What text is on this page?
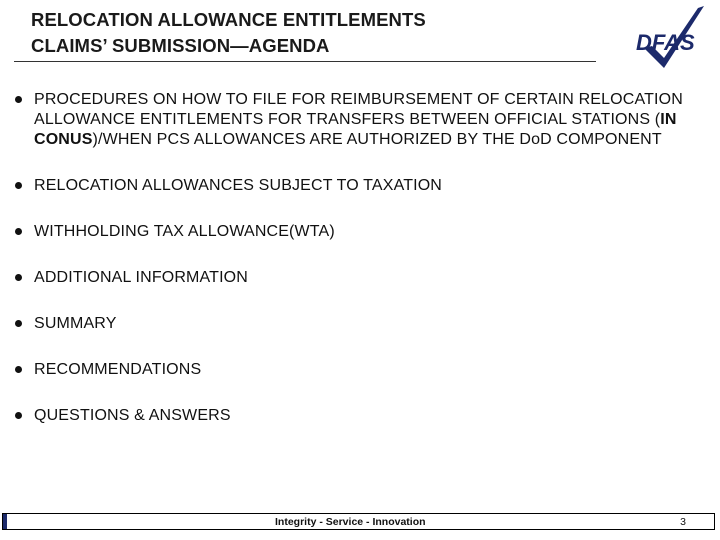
RELOCATION ALLOWANCE ENTITLEMENTS
CLAIMS’ SUBMISSION—AGENDA	DFAS
PROCEDURES ON HOW TO FILE FOR REIMBURSEMENT OF CERTAIN RELOCATION ALLOWANCE ENTITLEMENTS FOR TRANSFERS BETWEEN OFFICIAL STATIONS (IN CONUS)/WHEN PCS ALLOWANCES ARE AUTHORIZED BY THE DoD COMPONENT
RELOCATION ALLOWANCES SUBJECT TO TAXATION
WITHHOLDING TAX ALLOWANCE(WTA)
ADDITIONAL INFORMATION
SUMMARY
RECOMMENDATIONS
QUESTIONS & ANSWERS
Integrity - Service - Innovation	3
